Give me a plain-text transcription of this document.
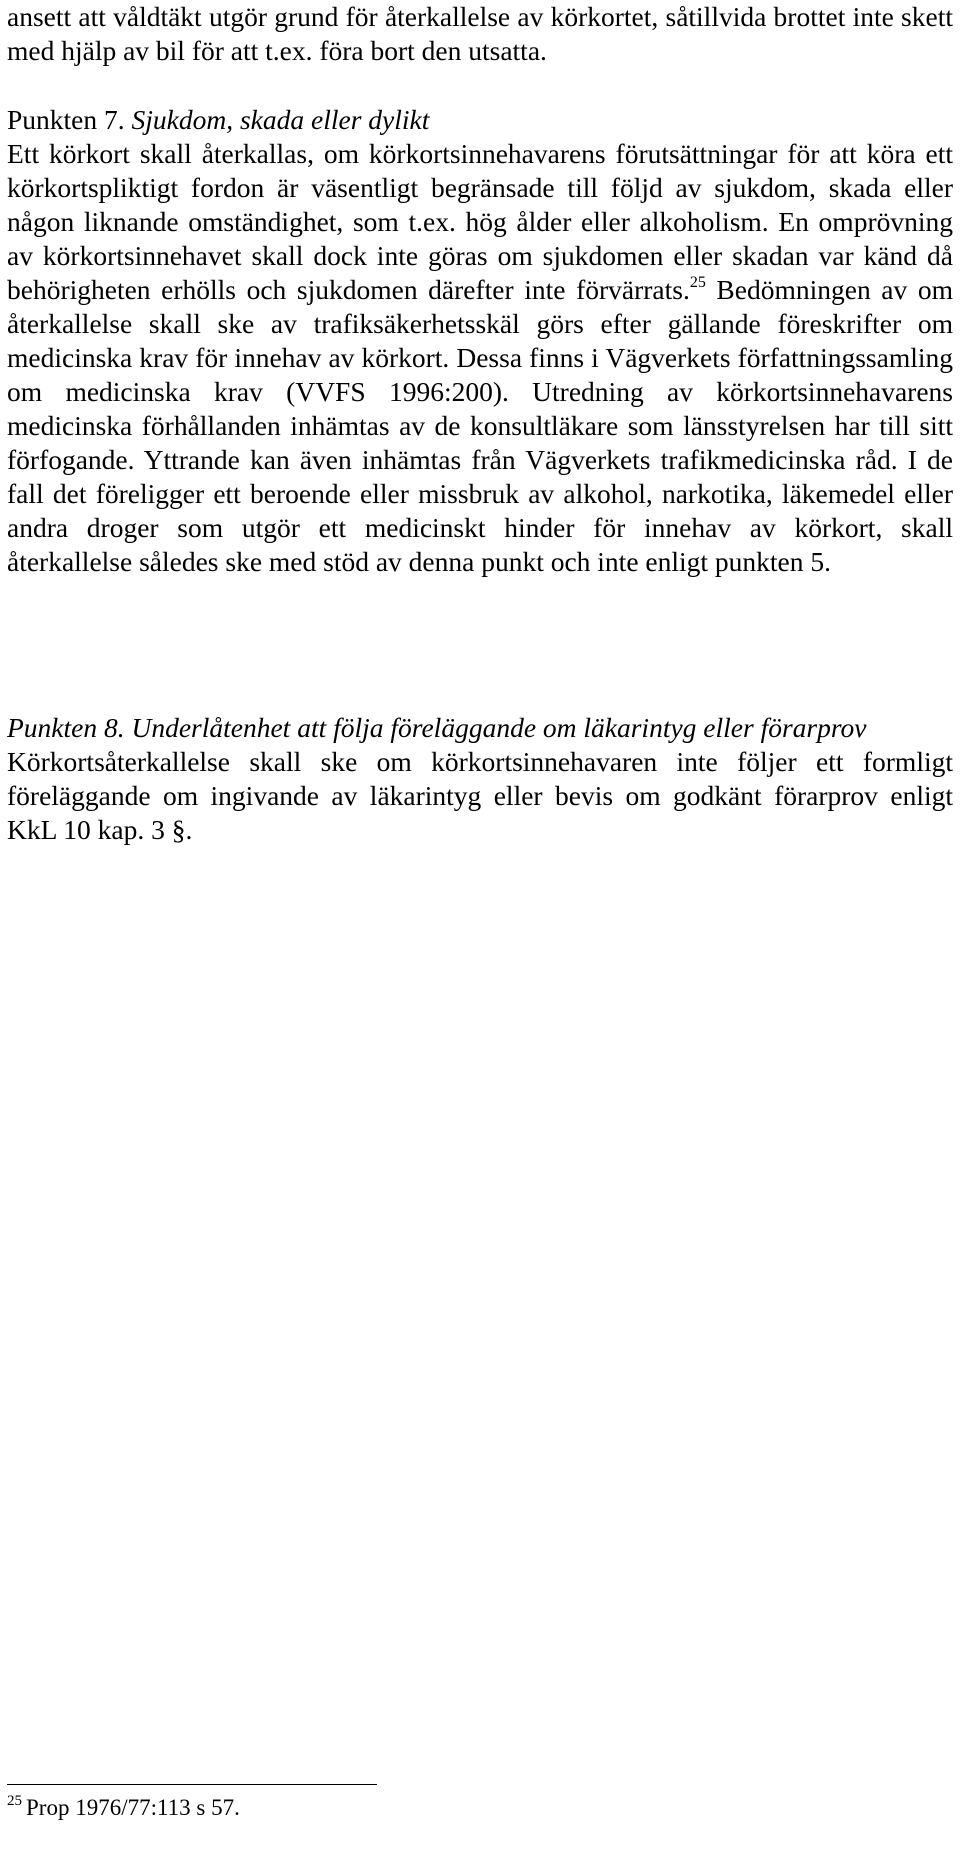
ansett att våldtäkt utgör grund för återkallelse av körkortet, såtillvida brottet inte skett med hjälp av bil för att t.ex. föra bort den utsatta.

Punkten 7. Sjukdom, skada eller dylikt
Ett körkort skall återkallas, om körkortsinnehavarens förutsättningar för att köra ett körkortspliktigt fordon är väsentligt begränsade till följd av sjukdom, skada eller någon liknande omständighet, som t.ex. hög ålder eller alkoholism. En omprövning av körkortsinnehavet skall dock inte göras om sjukdomen eller skadan var känd då behörigheten erhölls och sjukdomen därefter inte förvärrats.$^{25}$ Bedömningen av om återkallelse skall ske av trafiksäkerhetsskäl görs efter gällande föreskrifter om medicinska krav för innehav av körkort. Dessa finns i Vägverkets författningssamling om medicinska krav (VVFS 1996:200). Utredning av körkortsinnehavarens medicinska förhållanden inhämtas av de konsultläkare som länsstyrelsen har till sitt förfogande. Yttrande kan även inhämtas från Vägverkets trafikmedicinska råd. I de fall det föreligger ett beroende eller missbruk av alkohol, narkotika, läkemedel eller andra droger som utgör ett medicinskt hinder för innehav av körkort, skall återkallelse således ske med stöd av denna punkt och inte enligt punkten 5.

Punkten 8. Underlåtenhet att följa föreläggande om läkarintyg eller förarprov
Körkortsåterkallelse skall ske om körkortsinnehavaren inte följer ett formligt föreläggande om ingivande av läkarintyg eller bevis om godkänt förarprov enligt KkL 10 kap. 3 §.

$^{25}$ Prop 1976/77:113 s 57.
